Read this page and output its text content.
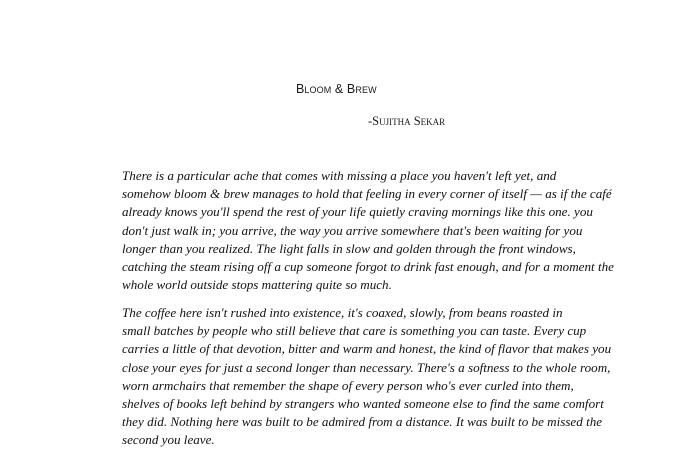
Bloom & Brew
-Sujitha Sekar

There is a particular ache that comes with missing a place you haven't left yet, and
somehow bloom & brew manages to hold that feeling in every corner of itself — as if the café
already knows you'll spend the rest of your life quietly craving mornings like this one. you
don't just walk in; you arrive, the way you arrive somewhere that's been waiting for you
longer than you realized. The light falls in slow and golden through the front windows,
catching the steam rising off a cup someone forgot to drink fast enough, and for a moment the
whole world outside stops mattering quite so much.

The coffee here isn't rushed into existence, it's coaxed, slowly, from beans roasted in
small batches by people who still believe that care is something you can taste. Every cup
carries a little of that devotion, bitter and warm and honest, the kind of flavor that makes you
close your eyes for just a second longer than necessary. There's a softness to the whole room,
worn armchairs that remember the shape of every person who's ever curled into them,
shelves of books left behind by strangers who wanted someone else to find the same comfort
they did. Nothing here was built to be admired from a distance. It was built to be missed the
second you leave.
